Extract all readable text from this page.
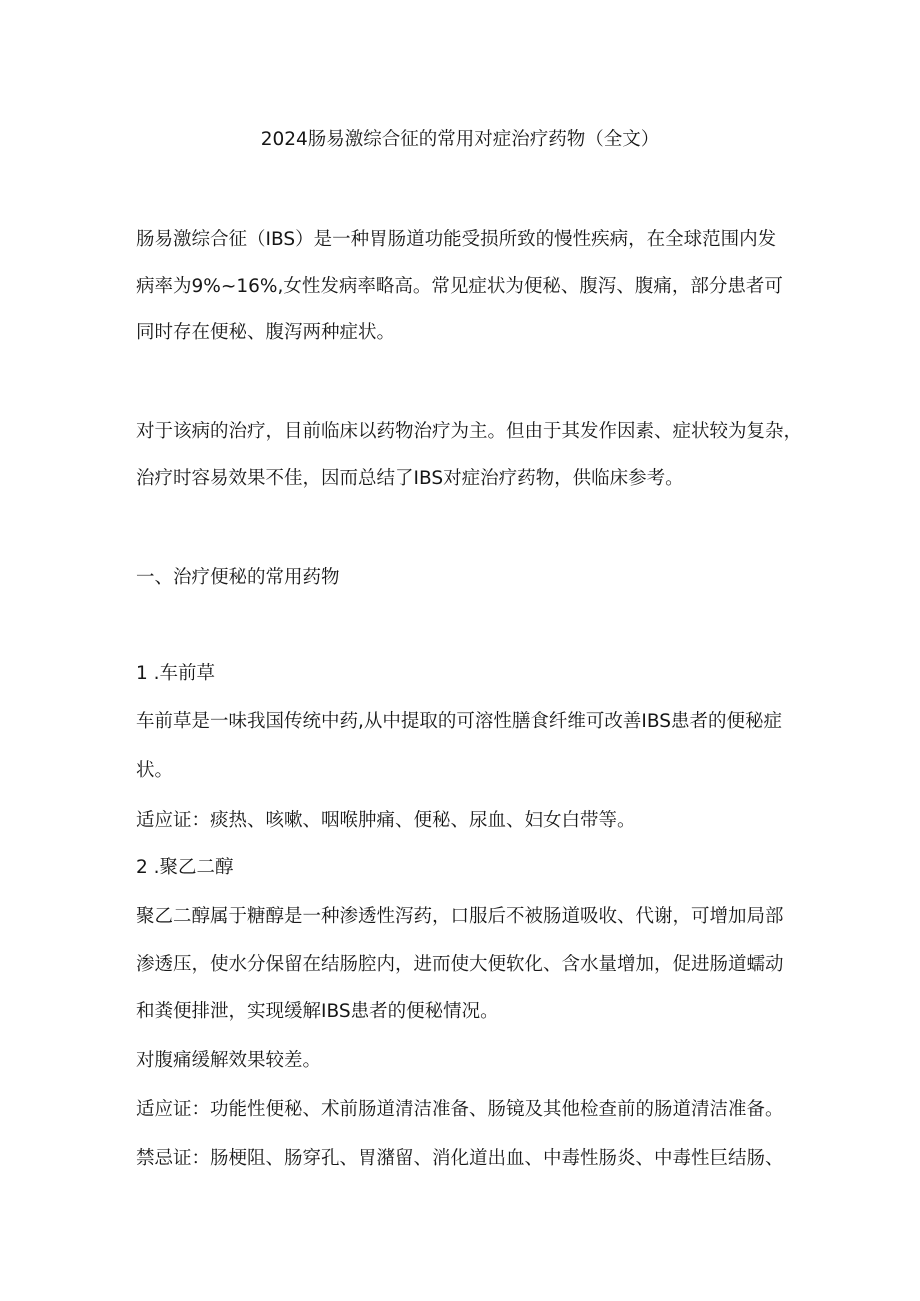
2024肠易激综合征的常用对症治疗药物（全文）
肠易激综合征（IBS）是一种胃肠道功能受损所致的慢性疾病，在全球范围内发
病率为9%~16%,女性发病率略高。常见症状为便秘、腹泻、腹痛，部分患者可
同时存在便秘、腹泻两种症状。
对于该病的治疗，目前临床以药物治疗为主。但由于其发作因素、症状较为复杂，
治疗时容易效果不佳，因而总结了IBS对症治疗药物，供临床参考。
一、治疗便秘的常用药物
1 .车前草
车前草是一味我国传统中药,从中提取的可溶性膳食纤维可改善IBS患者的便秘症
状。
适应证：痰热、咳嗽、咽喉肿痛、便秘、尿血、妇女白带等。
2 .聚乙二醇
聚乙二醇属于糖醇是一种渗透性泻药，口服后不被肠道吸收、代谢，可增加局部
渗透压，使水分保留在结肠腔内，进而使大便软化、含水量增加，促进肠道蠕动
和粪便排泄，实现缓解IBS患者的便秘情况。
对腹痛缓解效果较差。
适应证：功能性便秘、术前肠道清洁准备、肠镜及其他检查前的肠道清洁准备。
禁忌证：肠梗阻、肠穿孔、胃潴留、消化道出血、中毒性肠炎、中毒性巨结肠、
